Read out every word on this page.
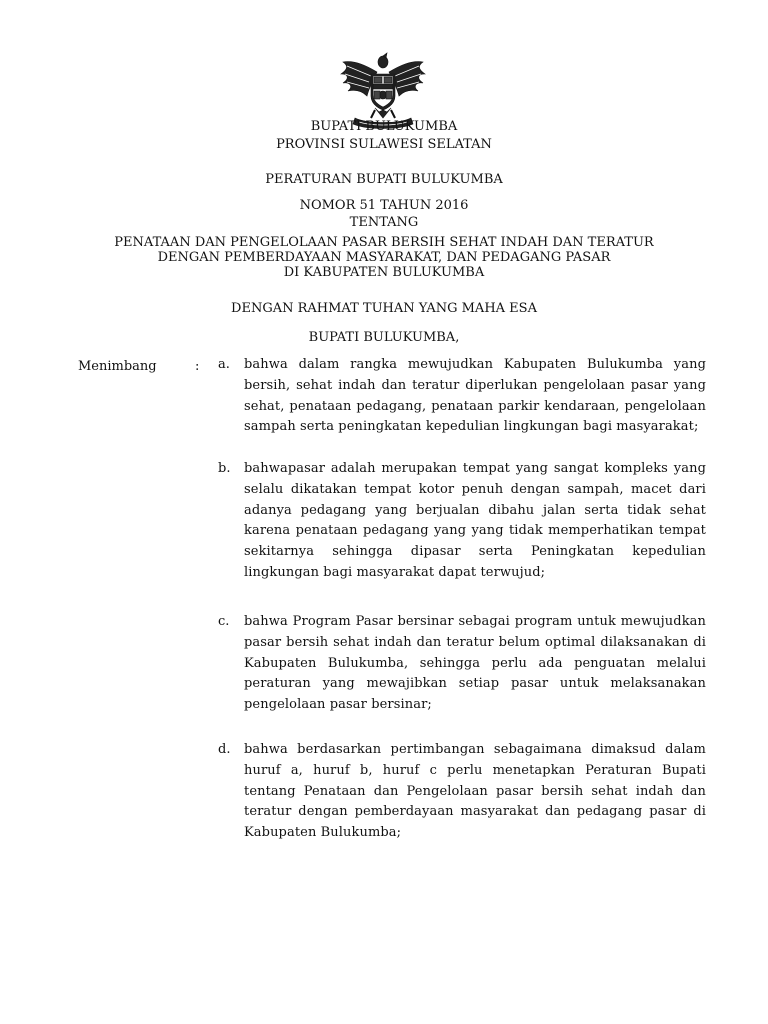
BUPATI BULUKUMBA
PROVINSI SULAWESI SELATAN
PERATURAN BUPATI BULUKUMBA
NOMOR 51 TAHUN 2016
TENTANG
PENATAAN DAN PENGELOLAAN PASAR BERSIH SEHAT INDAH DAN TERATUR
DENGAN PEMBERDAYAAN MASYARAKAT, DAN PEDAGANG PASAR
DI KABUPATEN BULUKUMBA
DENGAN RAHMAT TUHAN YANG MAHA ESA
BUPATI BULUKUMBA,
Menimbang	: a. bahwa dalam rangka mewujudkan Kabupaten Bulukumba yang bersih, sehat indah dan teratur diperlukan pengelolaan pasar yang sehat, penataan pedagang, penataan parkir kendaraan, pengelolaan sampah serta peningkatan kepedulian lingkungan bagi masyarakat;
b. bahwapasar adalah merupakan tempat yang sangat kompleks yang selalu dikatakan tempat kotor penuh dengan sampah, macet dari adanya pedagang yang berjualan dibahu jalan serta tidak sehat karena penataan pedagang yang yang tidak memperhatikan tempat sekitarnya sehingga dipasar serta Peningkatan kepedulian lingkungan bagi masyarakat dapat terwujud;
c. bahwa Program Pasar bersinar sebagai program untuk mewujudkan pasar bersih sehat indah dan teratur belum optimal dilaksanakan di Kabupaten Bulukumba, sehingga perlu ada penguatan melalui peraturan yang mewajibkan setiap pasar untuk melaksanakan pengelolaan pasar bersinar;
d. bahwa berdasarkan pertimbangan sebagaimana dimaksud dalam huruf a, huruf b, huruf c perlu menetapkan Peraturan Bupati tentang Penataan dan Pengelolaan pasar bersih sehat indah dan teratur dengan pemberdayaan masyarakat dan pedagang pasar di Kabupaten Bulukumba;
